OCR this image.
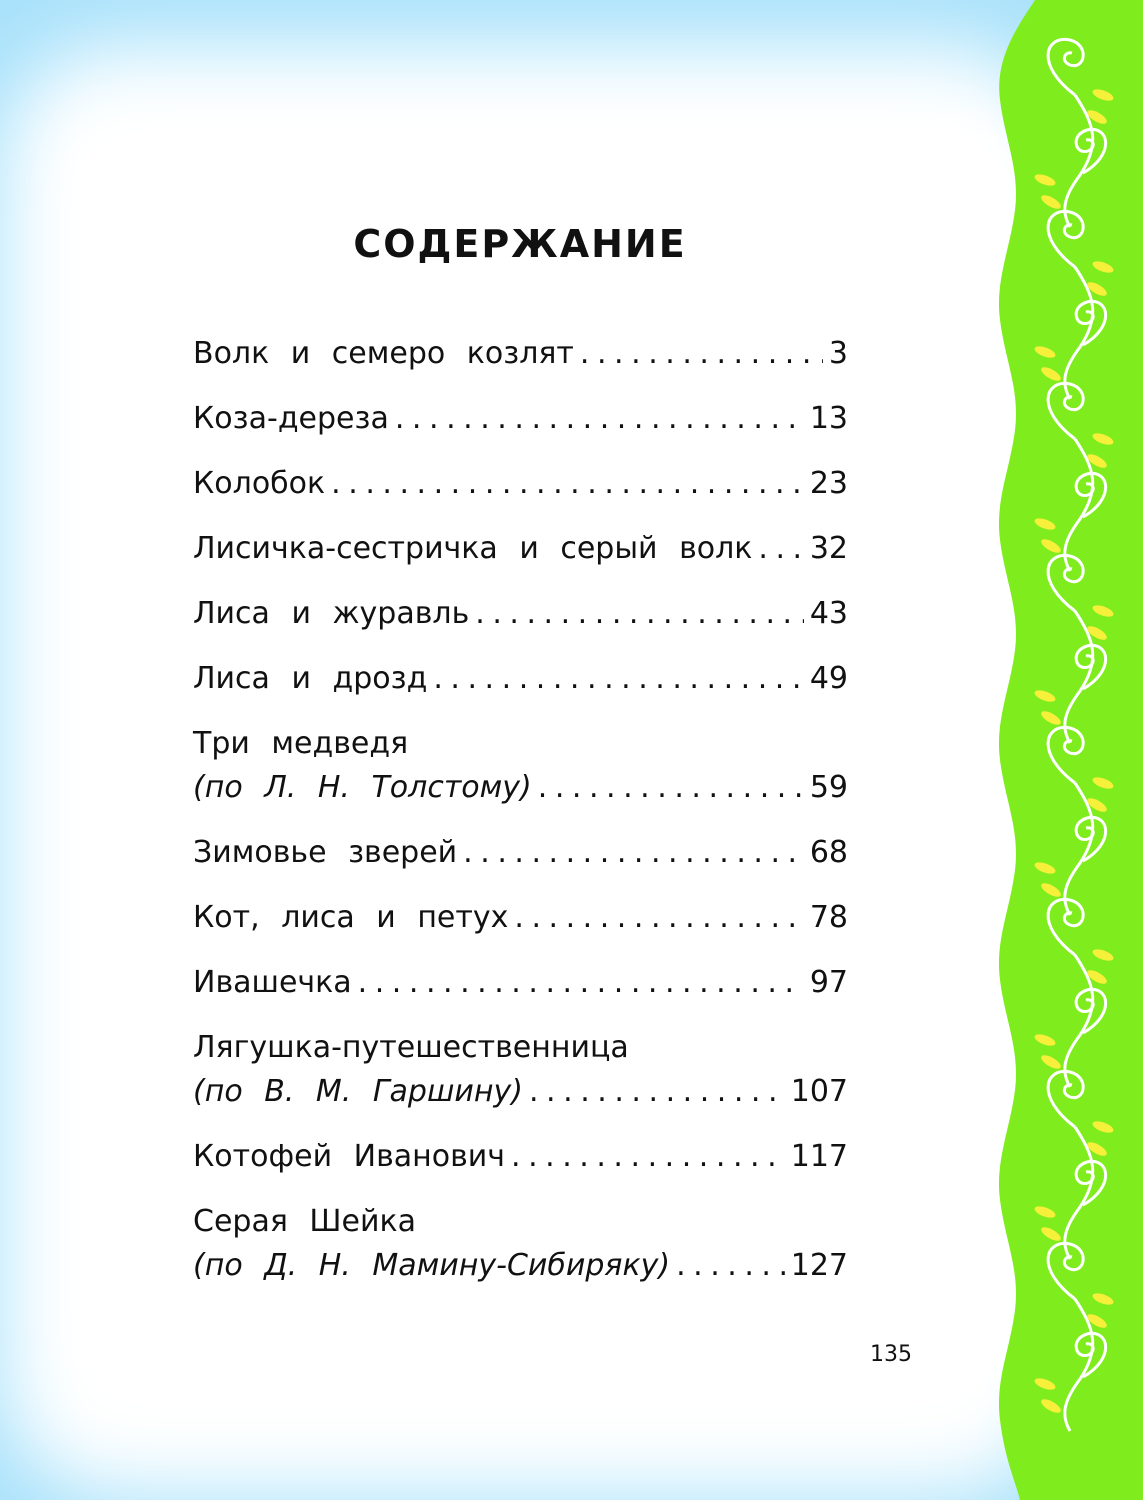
СОДЕРЖАНИЕ
Волк и семеро козлят . . .	3
Коза-дереза . . .	13
Колобок . . .	23
Лисичка-сестричка и серый волк . . . 32
Лиса и журавль . . .	43
Лиса и дрозд . . .	49
Три медведя
(по Л. Н. Толстому) . . .	59
Зимовье зверей . . .	68
Кот, лиса и петух . . .	78
Ивашечка . . .	97
Лягушка-путешественница
(по В. М. Гаршину) . . .	107
Котофей Иванович . . .	117
Серая Шейка
(по Д. Н. Мамину-Сибиряку) . . .	127
135
